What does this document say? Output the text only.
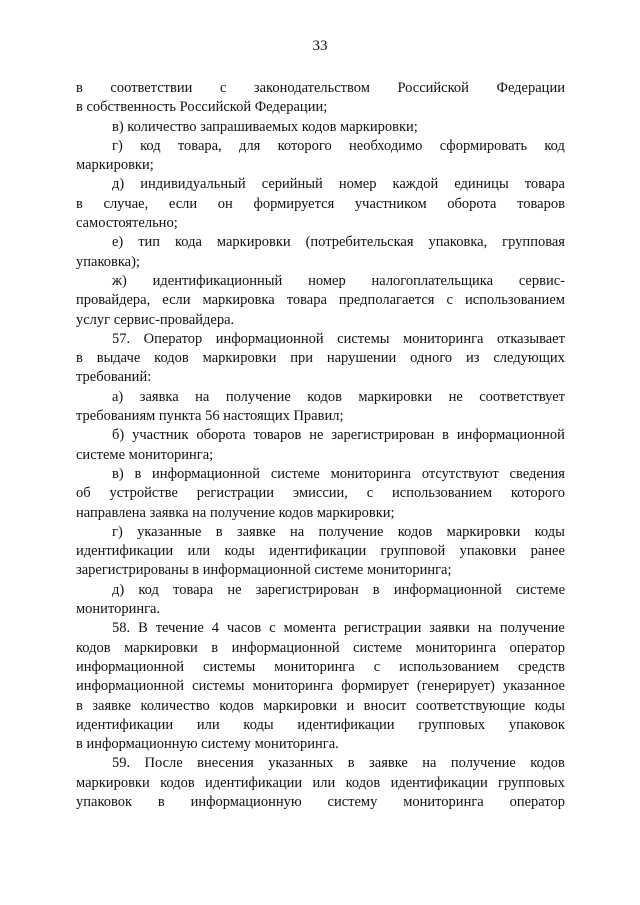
33
в соответствии с законодательством Российской Федерации
в собственность Российской Федерации;
в) количество запрашиваемых кодов маркировки;
г) код товара, для которого необходимо сформировать код
маркировки;
д) индивидуальный серийный номер каждой единицы товара
в случае, если он формируется участником оборота товаров
самостоятельно;
е) тип кода маркировки (потребительская упаковка, групповая
упаковка);
ж) идентификационный номер налогоплательщика сервис-
провайдера, если маркировка товара предполагается с использованием
услуг сервис-провайдера.
57. Оператор информационной системы мониторинга отказывает
в выдаче кодов маркировки при нарушении одного из следующих
требований:
а) заявка на получение кодов маркировки не соответствует
требованиям пункта 56 настоящих Правил;
б) участник оборота товаров не зарегистрирован в информационной
системе мониторинга;
в) в информационной системе мониторинга отсутствуют сведения
об устройстве регистрации эмиссии, с использованием которого
направлена заявка на получение кодов маркировки;
г) указанные в заявке на получение кодов маркировки коды
идентификации или коды идентификации групповой упаковки ранее
зарегистрированы в информационной системе мониторинга;
д) код товара не зарегистрирован в информационной системе
мониторинга.
58. В течение 4 часов с момента регистрации заявки на получение
кодов маркировки в информационной системе мониторинга оператор
информационной системы мониторинга с использованием средств
информационной системы мониторинга формирует (генерирует) указанное
в заявке количество кодов маркировки и вносит соответствующие коды
идентификации или коды идентификации групповых упаковок
в информационную систему мониторинга.
59. После внесения указанных в заявке на получение кодов
маркировки кодов идентификации или кодов идентификации групповых
упаковок в информационную систему мониторинга оператор
